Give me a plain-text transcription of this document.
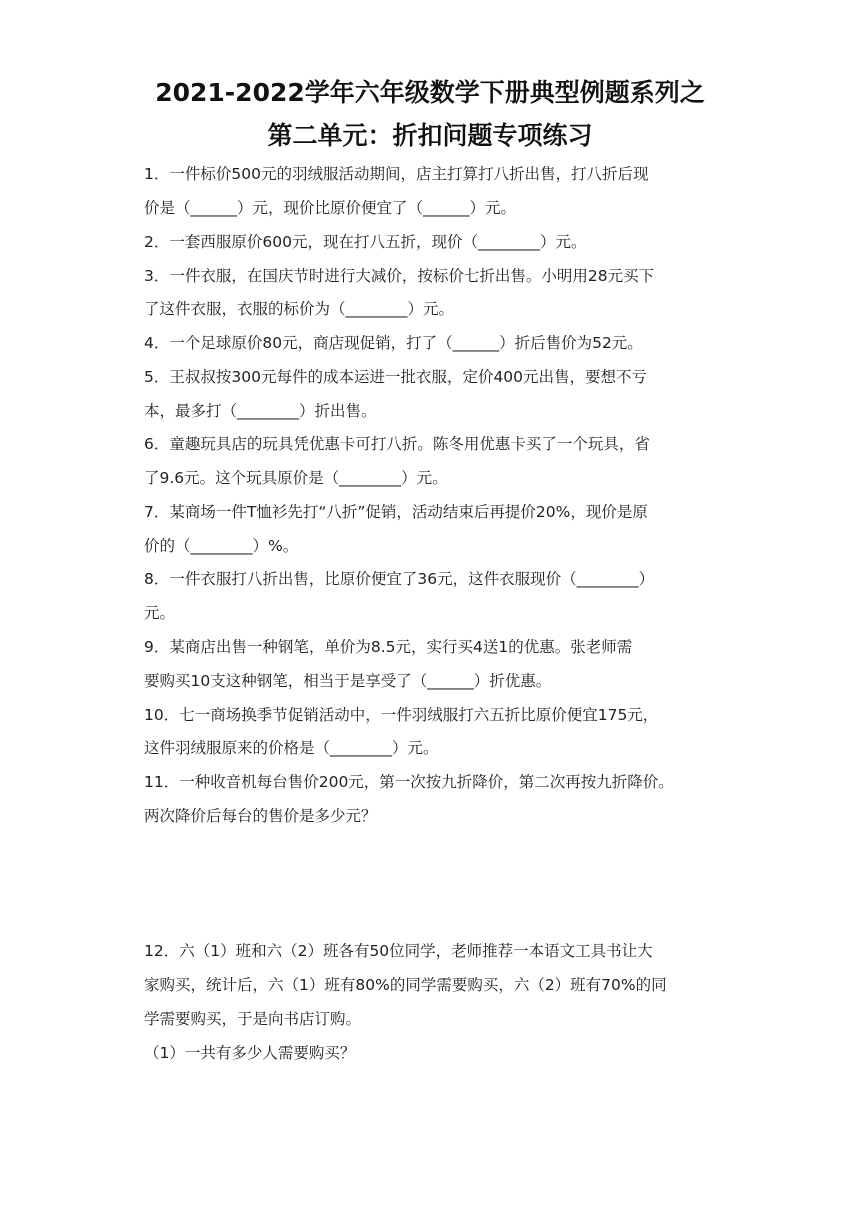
2021-2022学年六年级数学下册典型例题系列之
第二单元：折扣问题专项练习
1．一件标价500元的羽绒服活动期间，店主打算打八折出售，打八折后现
价是（______）元，现价比原价便宜了（______）元。
2．一套西服原价600元，现在打八五折，现价（________）元。
3．一件衣服，在国庆节时进行大减价，按标价七折出售。小明用28元买下
了这件衣服，衣服的标价为（________）元。
4．一个足球原价80元，商店现促销，打了（______）折后售价为52元。
5．王叔叔按300元每件的成本运进一批衣服，定价400元出售，要想不亏
本，最多打（________）折出售。
6．童趣玩具店的玩具凭优惠卡可打八折。陈冬用优惠卡买了一个玩具，省
了9.6元。这个玩具原价是（________）元。
7．某商场一件T恤衫先打“八折”促销，活动结束后再提价20%，现价是原
价的（________）%。
8．一件衣服打八折出售，比原价便宜了36元，这件衣服现价（________）
元。
9．某商店出售一种钢笔，单价为8.5元，实行买4送1的优惠。张老师需
要购买10支这种钢笔，相当于是享受了（______）折优惠。
10．七一商场换季节促销活动中，一件羽绒服打六五折比原价便宜175元，
这件羽绒服原来的价格是（________）元。
11．一种收音机每台售价200元，第一次按九折降价，第二次再按九折降价。
两次降价后每台的售价是多少元？
12．六（1）班和六（2）班各有50位同学，老师推荐一本语文工具书让大
家购买，统计后，六（1）班有80%的同学需要购买，六（2）班有70%的同
学需要购买，于是向书店订购。
（1）一共有多少人需要购买？
